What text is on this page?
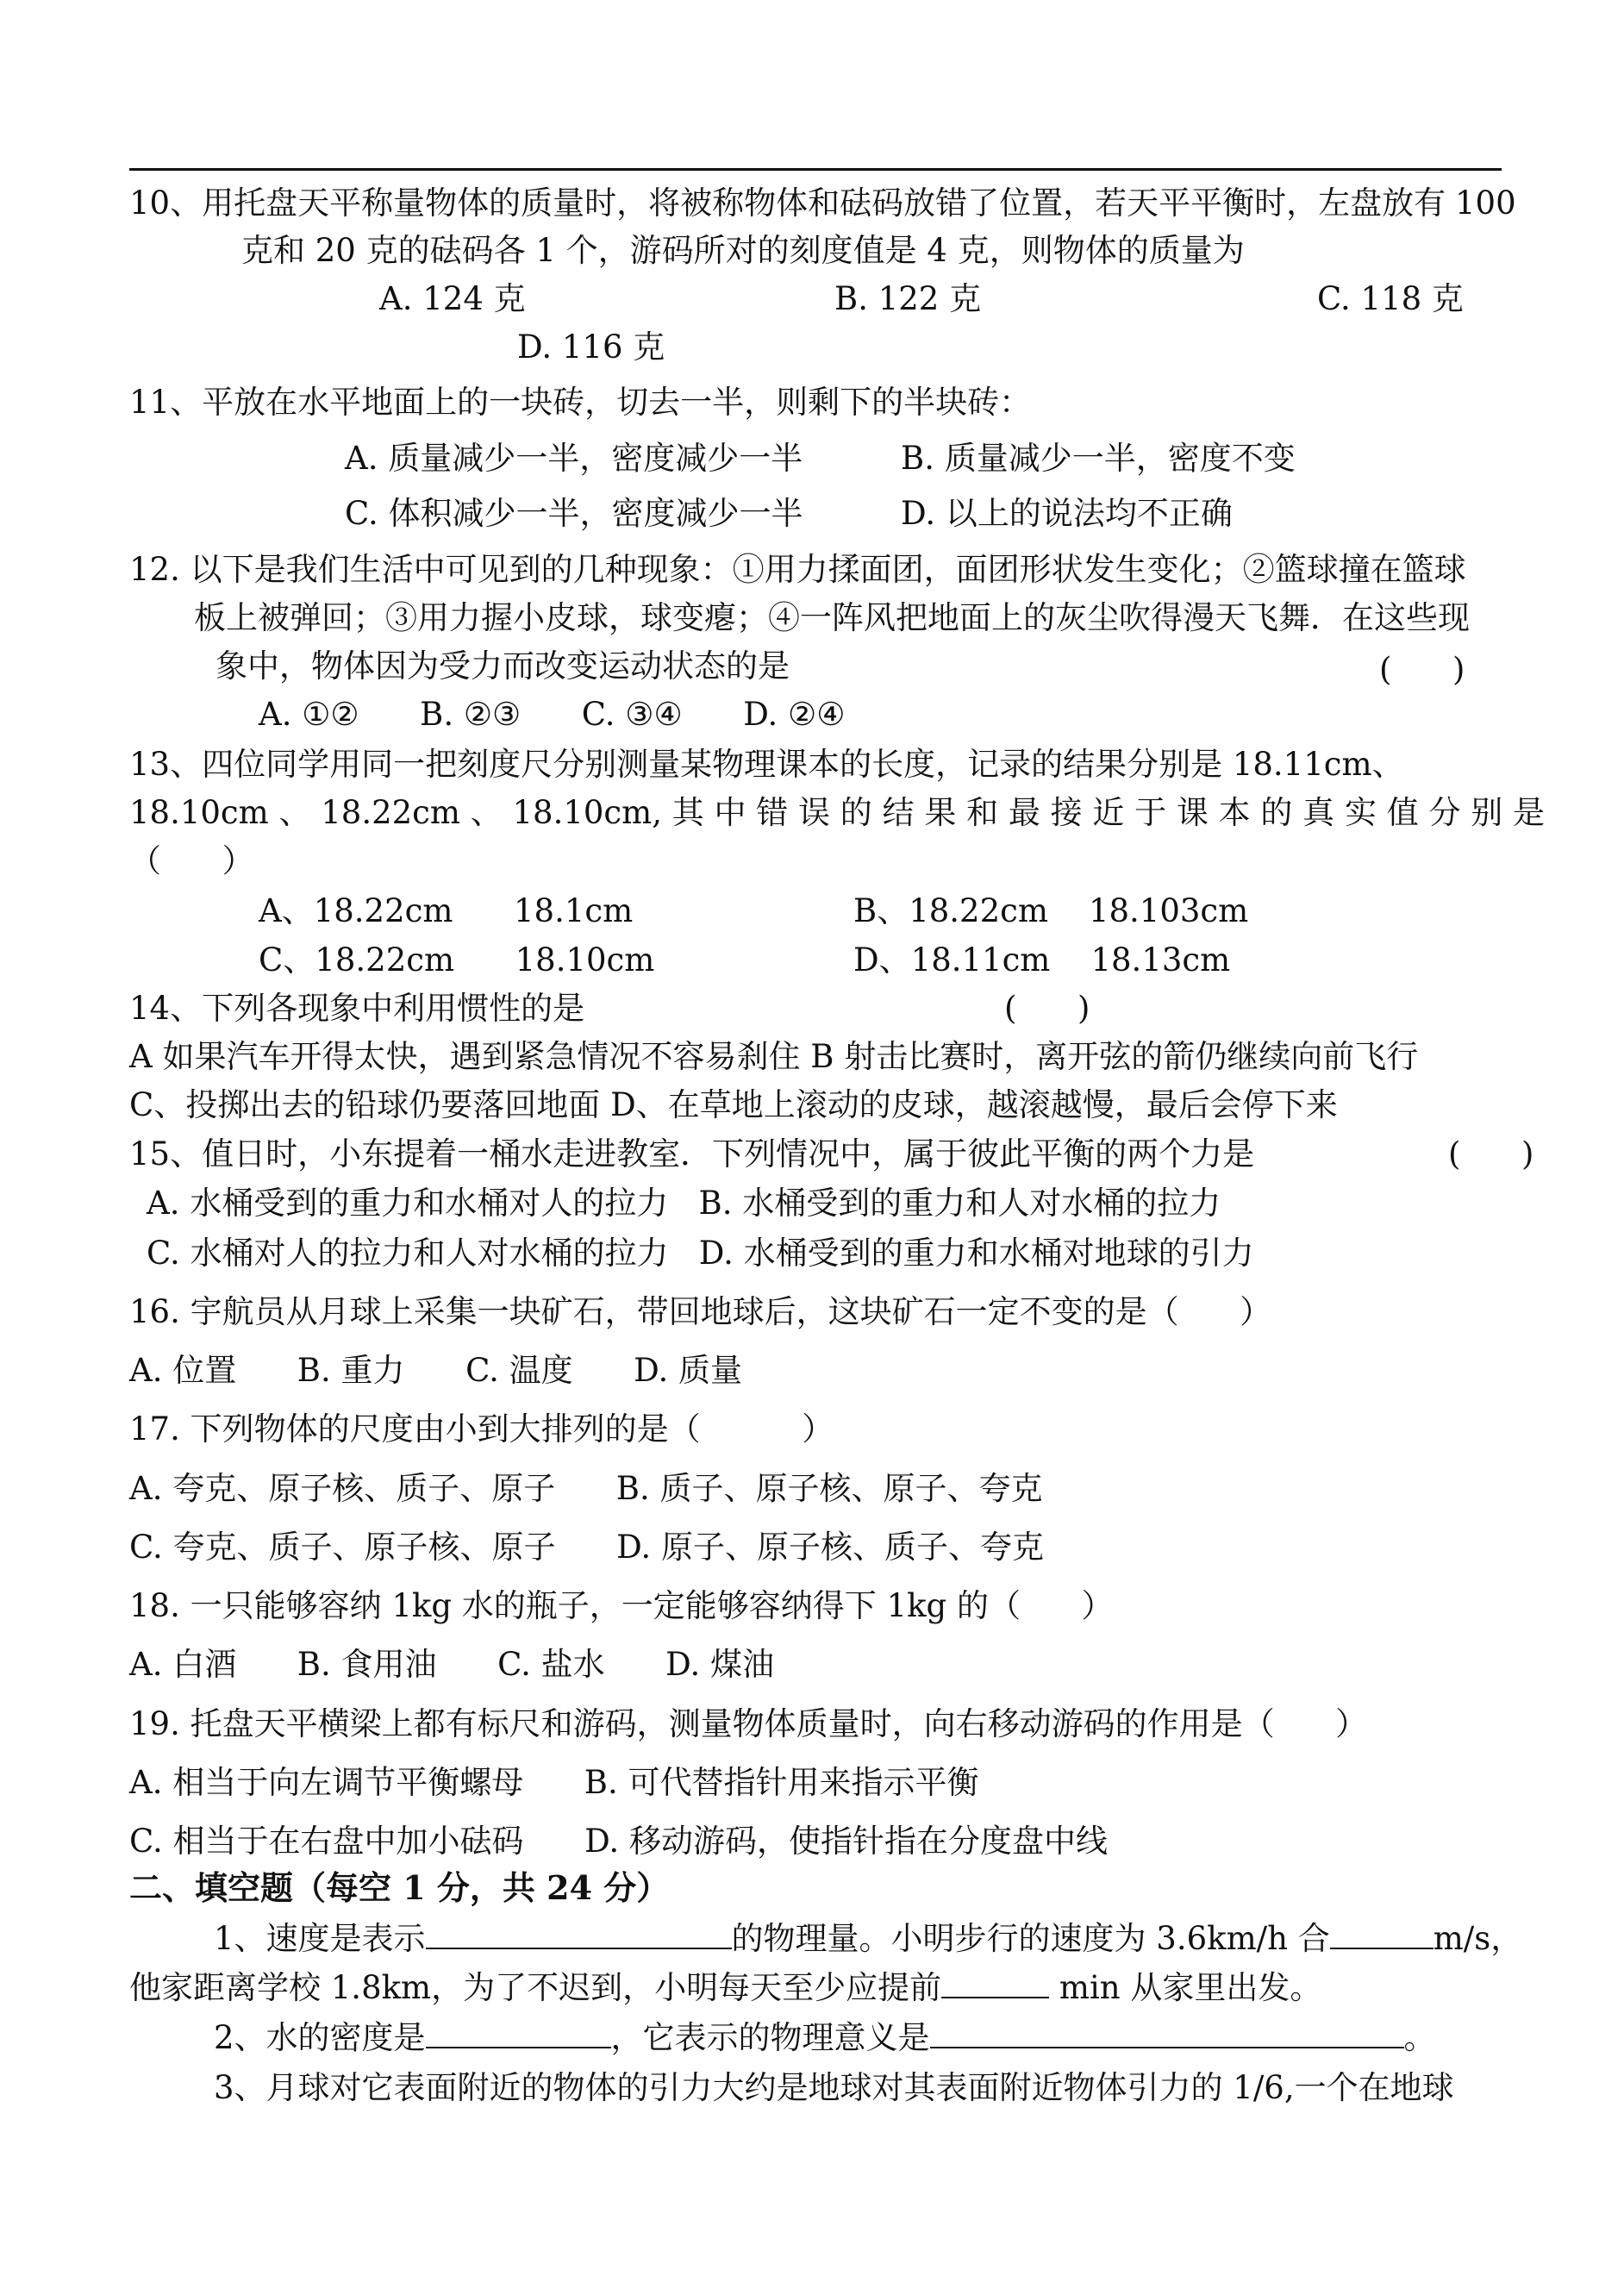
10、用托盘天平称量物体的质量时，将被称物体和砝码放错了位置，若天平平衡时，左盘放有 100
克和 20 克的砝码各 1 个，游码所对的刻度值是 4 克，则物体的质量为
A. 124 克	B. 122 克	C. 118 克
D. 116 克
11、平放在水平地面上的一块砖，切去一半，则剩下的半块砖：
A. 质量减少一半，密度减少一半	B. 质量减少一半，密度不变
C. 体积减少一半，密度减少一半	D. 以上的说法均不正确
12. 以下是我们生活中可见到的几种现象：①用力揉面团，面团形状发生变化；②篮球撞在篮球
板上被弹回；③用力握小皮球，球变瘪；④一阵风把地面上的灰尘吹得漫天飞舞．在这些现
象中，物体因为受力而改变运动状态的是	(      )
A. ①②      B. ②③      C. ③④      D. ②④
13、四位同学用同一把刻度尺分别测量某物理课本的长度，记录的结果分别是 18.11cm、
18.10cm 、 18.22cm 、 18.10cm, 其 中 错 误 的 结 果 和 最 接 近 于 课 本 的 真 实 值 分 别 是
（      ）
A、18.22cm      18.1cm	B、18.22cm    18.103cm
C、18.22cm      18.10cm	D、18.11cm    18.13cm
14、下列各现象中利用惯性的是	(      )
A 如果汽车开得太快，遇到紧急情况不容易刹住 B 射击比赛时，离开弦的箭仍继续向前飞行
C、投掷出去的铅球仍要落回地面 D、在草地上滚动的皮球，越滚越慢，最后会停下来
15、值日时，小东提着一桶水走进教室．下列情况中，属于彼此平衡的两个力是	(      )
A. 水桶受到的重力和水桶对人的拉力   B. 水桶受到的重力和人对水桶的拉力
C. 水桶对人的拉力和人对水桶的拉力   D. 水桶受到的重力和水桶对地球的引力
16. 宇航员从月球上采集一块矿石，带回地球后，这块矿石一定不变的是（      ）
A. 位置      B. 重力      C. 温度      D. 质量
17. 下列物体的尺度由小到大排列的是（          ）
A. 夸克、原子核、质子、原子      B. 质子、原子核、原子、夸克
C. 夸克、质子、原子核、原子      D. 原子、原子核、质子、夸克
18. 一只能够容纳 1kg 水的瓶子，一定能够容纳得下 1kg 的（      ）
A. 白酒      B. 食用油      C. 盐水      D. 煤油
19. 托盘天平横梁上都有标尺和游码，测量物体质量时，向右移动游码的作用是（      ）
A. 相当于向左调节平衡螺母      B. 可代替指针用来指示平衡
C. 相当于在右盘中加小砝码      D. 移动游码，使指针指在分度盘中线
二、填空题（每空 1 分，共 24 分）
1、速度是表示	的物理量。小明步行的速度为 3.6km/h 合	m/s，
他家距离学校 1.8km，为了不迟到，小明每天至少应提前	min 从家里出发。
2、水的密度是	，它表示的物理意义是	。
3、月球对它表面附近的物体的引力大约是地球对其表面附近物体引力的 1/6,一个在地球
